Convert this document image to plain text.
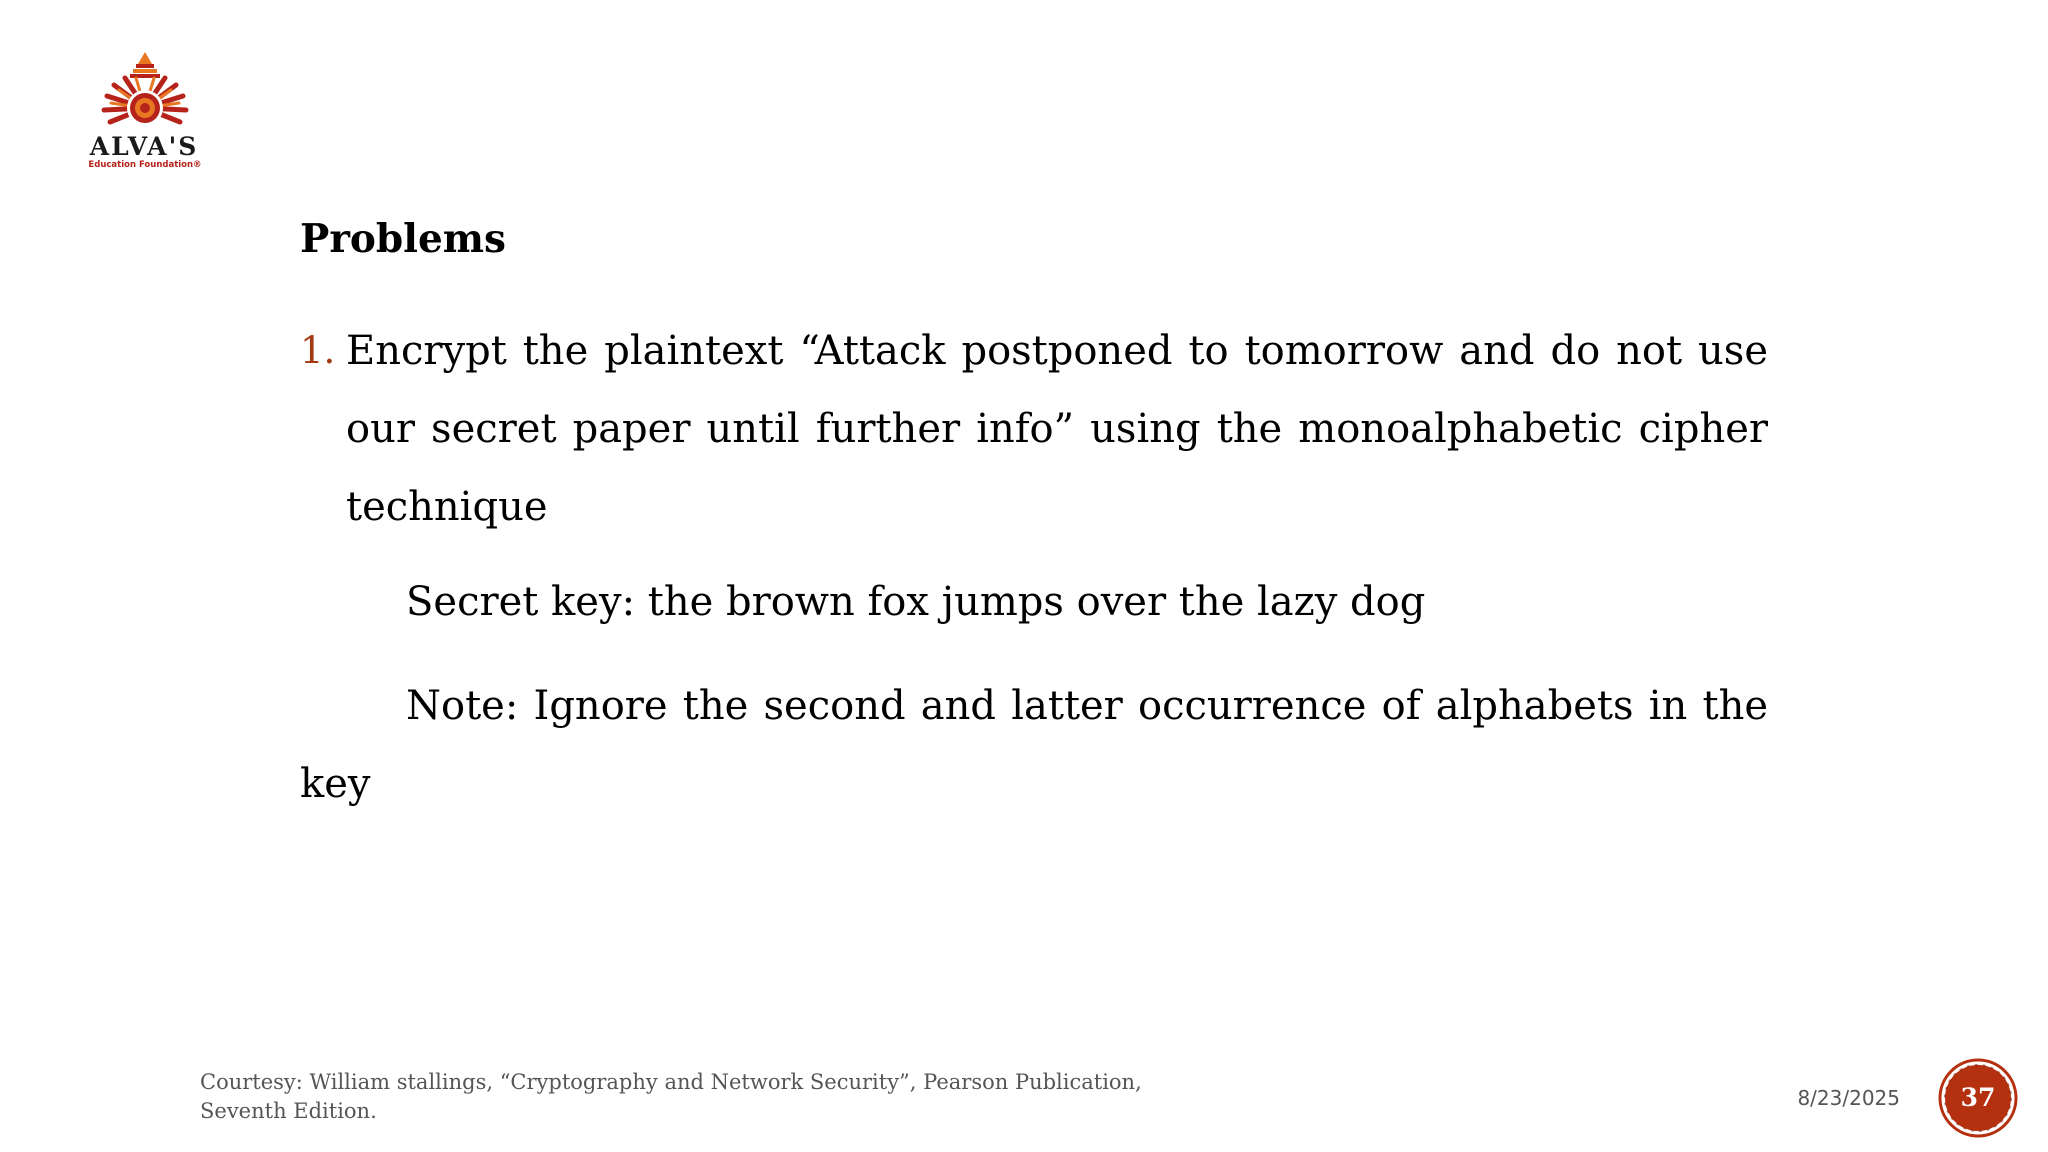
ALVA'S
Education Foundation®
Problems
1. Encrypt the plaintext “Attack postponed to tomorrow and do not use our secret paper until further info” using the monoalphabetic cipher technique
Secret key: the brown fox jumps over the lazy dog
Note: Ignore the second and latter occurrence of alphabets in the key
Courtesy: William stallings, “Cryptography and Network Security”, Pearson Publication, Seventh Edition.
8/23/2025	37
